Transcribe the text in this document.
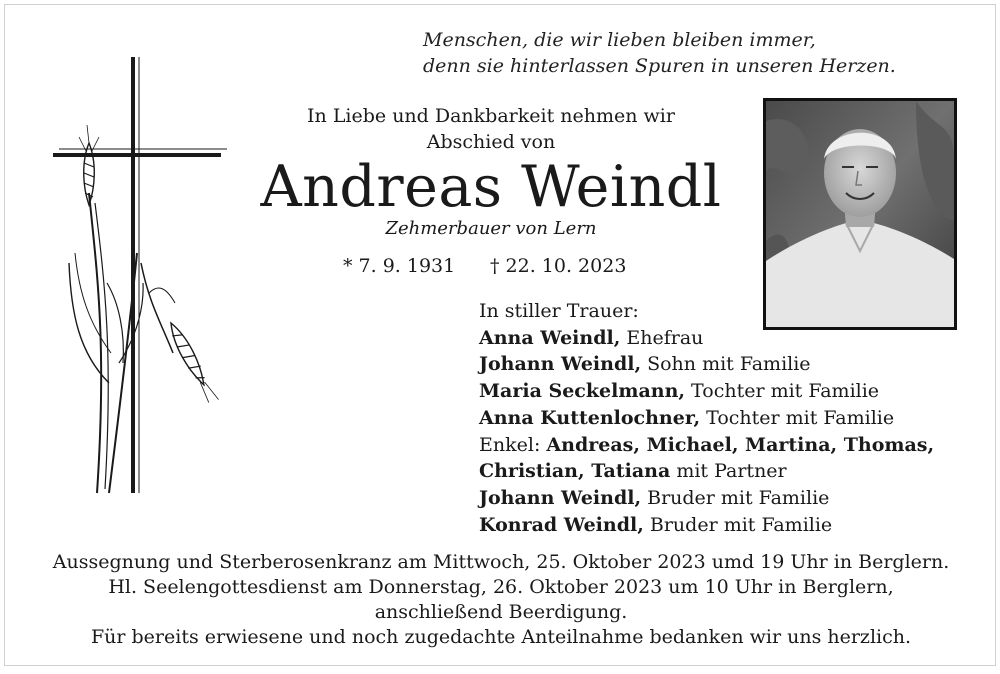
Menschen, die wir lieben bleiben immer,
denn sie hinterlassen Spuren in unseren Herzen.
In Liebe und Dankbarkeit nehmen wir
Abschied von
Andreas Weindl
Zehmerbauer von Lern
* 7. 9. 1931 † 22. 10. 2023
In stiller Trauer:
Anna Weindl, Ehefrau
Johann Weindl, Sohn mit Familie
Maria Seckelmann, Tochter mit Familie
Anna Kuttenlochner, Tochter mit Familie
Enkel: Andreas, Michael, Martina, Thomas,
Christian, Tatiana mit Partner
Johann Weindl, Bruder mit Familie
Konrad Weindl, Bruder mit Familie
Aussegnung und Sterberosenkranz am Mittwoch, 25. Oktober 2023 umd 19 Uhr in Berglern.
Hl. Seelengottesdienst am Donnerstag, 26. Oktober 2023 um 10 Uhr in Berglern,
anschließend Beerdigung.
Für bereits erwiesene und noch zugedachte Anteilnahme bedanken wir uns herzlich.
